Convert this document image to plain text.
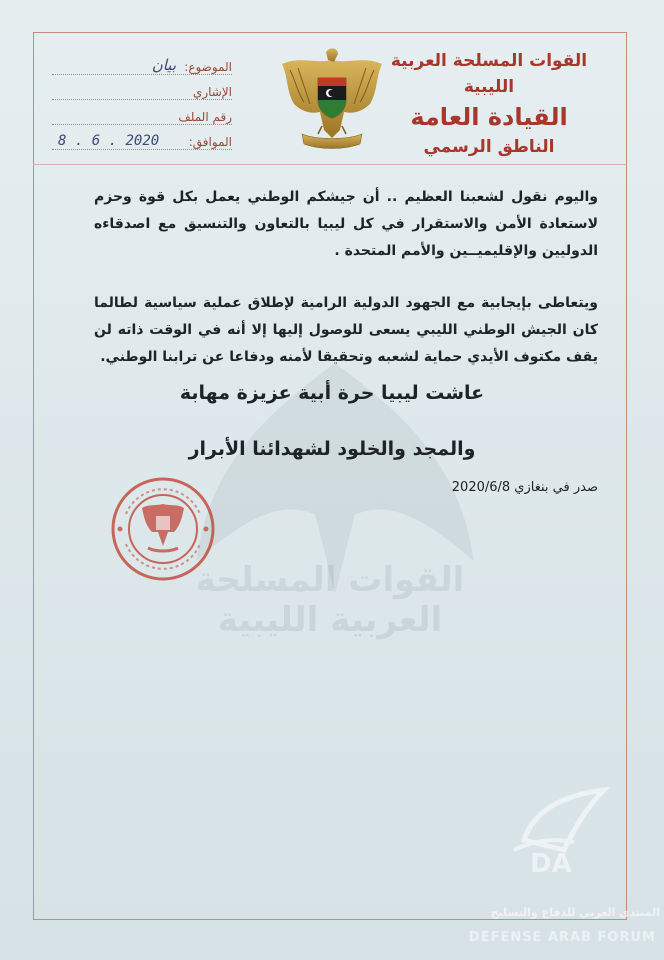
القوات المسلحة العربية الليبية
القوات المسلحة العربية الليبية
القيادة العامة
الناطق الرسمي
الموضوع:
بيان
الإشاري
رقم الملف
الموافق:
2020 . 6 . 8
واليوم نقول لشعبنا العظيم .. أن جيشكم الوطني يعمل بكل قوة وحزم لاستعادة الأمن والاستقرار في كل ليبيا بالتعاون والتنسيق مع اصدقاءه الدوليين والإقليميــين والأمم المتحدة .
ويتعاطى بإيجابية مع الجهود الدولية الرامية لإطلاق عملية سياسية لطالما كان الجيش الوطني الليبي يسعى للوصول إليها إلا أنه في الوقت ذاته لن يقف مكتوف الأيدي حماية لشعبه وتحقيقا لأمنه ودفاعا عن ترابنا الوطني.
عاشت ليبيا حرة أبية عزيزة مهابة
والمجد والخلود لشهدائنا الأبرار
صدر في بنغازي 2020/6/8
DA
المنتدى العربي للدفاع والتسليح
DEFENSE ARAB FORUM
